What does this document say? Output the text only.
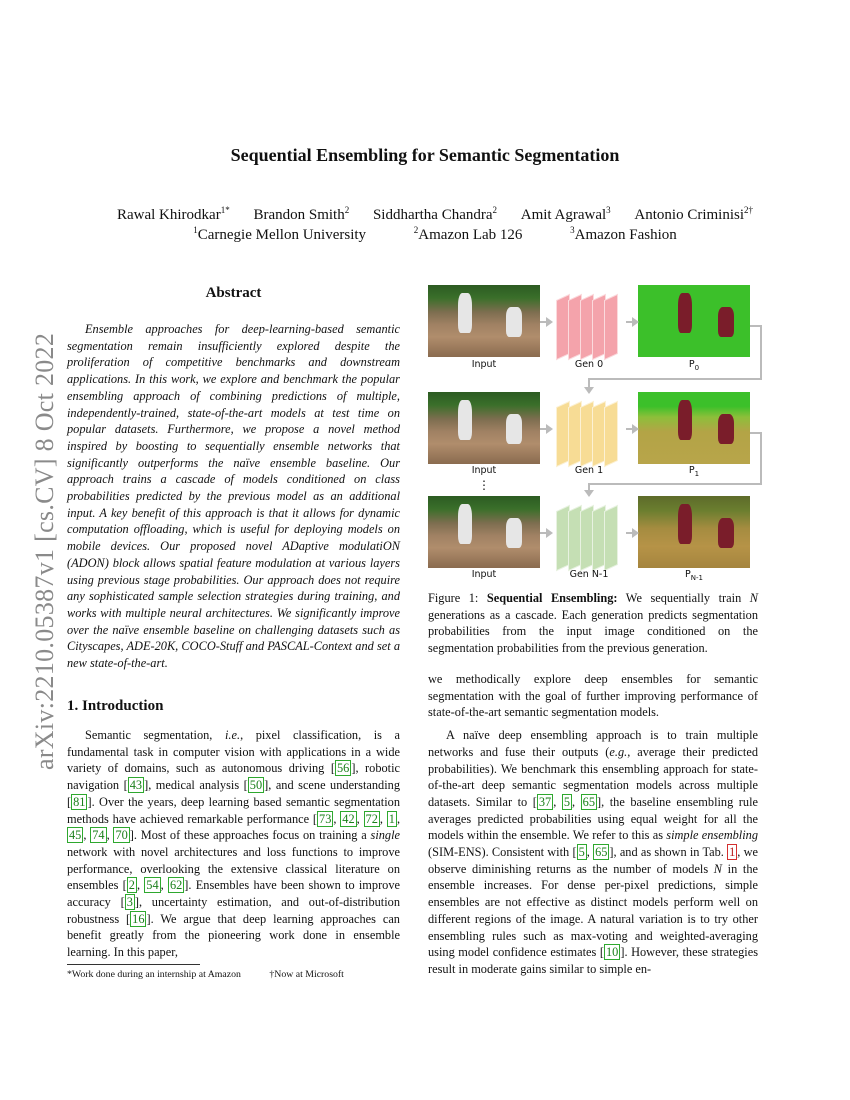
arXiv:2210.05387v1 [cs.CV] 8 Oct 2022
Sequential Ensembling for Semantic Segmentation
Rawal Khirodkar$^{1*}$ Brandon Smith$^2$ Siddhartha Chandra$^2$ Amit Agrawal$^3$ Antonio Criminisi$^{2\dagger}$
$^1$Carnegie Mellon University	$^2$Amazon Lab 126	$^3$Amazon Fashion
Abstract

Ensemble approaches for deep-learning-based semantic segmentation remain insufficiently explored despite the proliferation of competitive benchmarks and downstream applications. In this work, we explore and benchmark the popular ensembling approach of combining predictions of multiple, independently-trained, state-of-the-art models at test time on popular datasets. Furthermore, we propose a novel method inspired by boosting to sequentially ensemble networks that significantly outperforms the naïve ensemble baseline. Our approach trains a cascade of models conditioned on class probabilities predicted by the previous model as an additional input. A key benefit of this approach is that it allows for dynamic computation offloading, which is useful for deploying models on mobile devices. Our proposed novel ADaptive modulatiON (ADON) block allows spatial feature modulation at various layers using previous stage probabilities. Our approach does not require any sophisticated sample selection strategies during training, and works with multiple neural architectures. We significantly improve over the naïve ensemble baseline on challenging datasets such as Cityscapes, ADE-20K, COCO-Stuff and PASCAL-Context and set a new state-of-the-art.

1. Introduction

Semantic segmentation, i.e., pixel classification, is a fundamental task in computer vision with applications in a wide variety of domains, such as autonomous driving [ 56 ], robotic navigation [ 43 ], medical analysis [ 50 ], and scene understanding [ 81 ]. Over the years, deep learning based semantic segmentation methods have achieved remarkable performance [ 73 , 42 , 72 , 1 , 45 , 74 , 70 ]. Most of these approaches focus on training a single network with novel architectures and loss functions to improve performance, overlooking the extensive classical literature on ensembles [ 2 , 54 , 62 ]. Ensembles have been shown to improve accuracy [ 3 ], uncertainty estimation, and out-of-distribution robustness [ 16 ]. We argue that deep learning approaches can benefit greatly from the pioneering work done in ensemble learning. In this paper,

*Work done during an internship at Amazon	†Now at Microsoft
Input	Gen 0	$P_0$
Input
⋮
Gen 1	$P_1$
Input	Gen N-1	$P_{N-1}$
Figure 1: Sequential Ensembling: We sequentially train N generations as a cascade. Each generation predicts segmentation probabilities from the input image conditioned on the segmentation probabilities from the previous generation.

we methodically explore deep ensembles for semantic segmentation with the goal of further improving performance of state-of-the-art semantic segmentation models.

A naïve deep ensembling approach is to train multiple networks and fuse their outputs (e.g., average their predicted probabilities). We benchmark this ensembling approach for state-of-the-art deep semantic segmentation models across multiple datasets. Similar to [ 37 , 5 , 65 ], the baseline ensembling rule averages predicted probabilities using equal weight for all the models within the ensemble. We refer to this as simple ensembling (SIM-ENS). Consistent with [ 5 , 65 ], and as shown in Tab. 1 , we observe diminishing returns as the number of models N in the ensemble increases. For dense per-pixel predictions, simple ensembles are not effective as distinct models perform well on different regions of the image. A natural variation is to try other ensembling rules such as max-voting and weighted-averaging using model confidence estimates [ 10 ]. However, these strategies result in moderate gains similar to simple en-
